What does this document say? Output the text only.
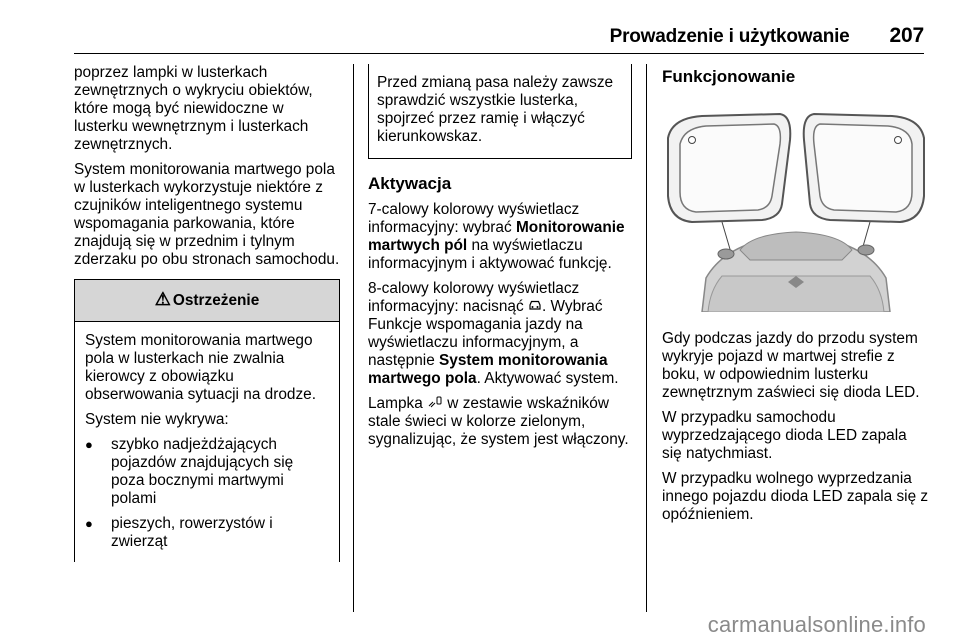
Prowadzenie i użytkowanie 207

poprzez lampki w lusterkach zewnętrznych o wykryciu obiektów, które mogą być niewidoczne w lusterku wewnętrznym i lusterkach zewnętrznych.

System monitorowania martwego pola w lusterkach wykorzystuje niektóre z czujników inteligentnego systemu wspomagania parkowania, które znajdują się w przednim i tylnym zderzaku po obu stronach samochodu.

⚠ Ostrzeżenie

System monitorowania martwego pola w lusterkach nie zwalnia kierowcy z obowiązku obserwowania sytuacji na drodze.

System nie wykrywa:

● szybko nadjeżdżających pojazdów znajdujących się poza bocznymi martwymi polami
● pieszych, rowerzystów i zwierząt
Przed zmianą pasa należy zawsze sprawdzić wszystkie lusterka, spojrzeć przez ramię i włączyć kierunkowskaz.
Aktywacja

7-calowy kolorowy wyświetlacz informacyjny: wybrać Monitorowanie martwych pól na wyświetlaczu informacyjnym i aktywować funkcję.

8-calowy kolorowy wyświetlacz informacyjny: nacisnąć . Wybrać Funkcje wspomagania jazdy na wyświetlaczu informacyjnym, a następnie System monitorowania martwego pola. Aktywować system.

Lampka  w zestawie wskaźników stale świeci w kolorze zielonym, sygnalizując, że system jest włączony.

Funkcjonowanie

Gdy podczas jazdy do przodu system wykryje pojazd w martwej strefie z boku, w odpowiednim lusterku zewnętrznym zaświeci się dioda LED.

W przypadku samochodu wyprzedzającego dioda LED zapala się natychmiast.

W przypadku wolnego wyprzedzania innego pojazdu dioda LED zapala się z opóźnieniem.

carmanualsonline.info
